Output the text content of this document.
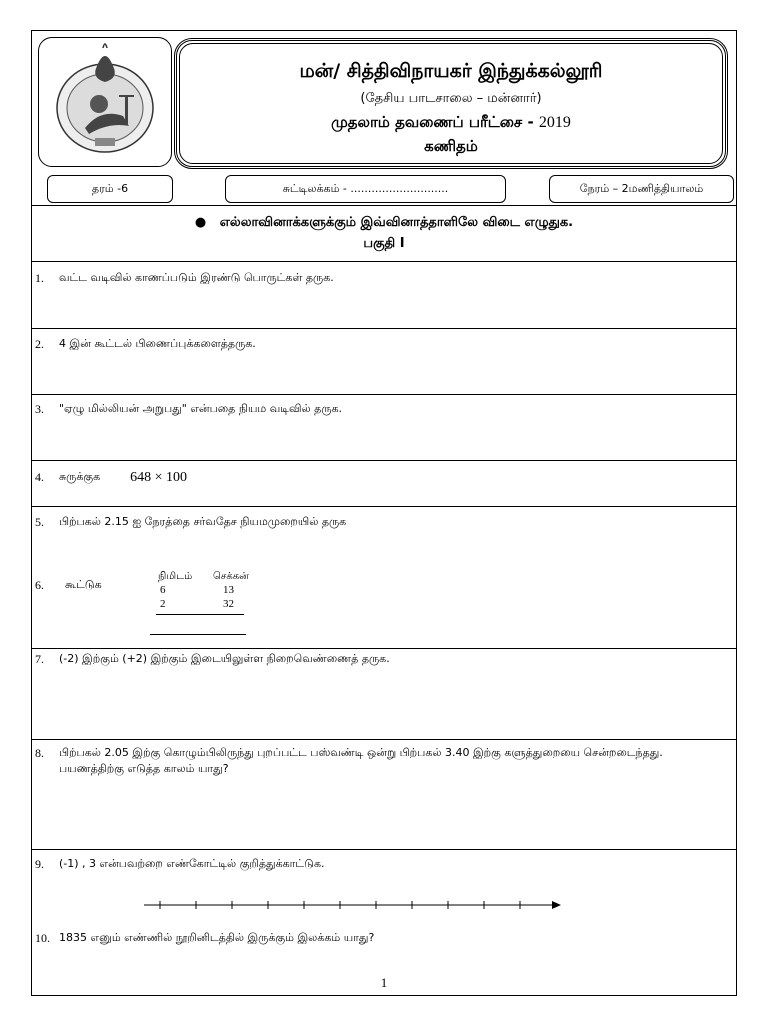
மன்/ சித்திவிநாயகர் இந்துக்கல்லூரி
(தேசிய பாடசாலை – மன்னார்)
முதலாம் தவணைப் பரீட்சை - 2019
கணிதம்
தரம் -6	சுட்டிலக்கம் - ............................	நேரம் – 2மணித்தியாலம்
●   எல்லாவினாக்களுக்கும் இவ்வினாத்தாளிலே விடை எழுதுக.
பகுதி I
1. வட்ட வடிவில் காணப்படும் இரண்டு பொருட்கள் தருக.
2. 4 இன் கூட்டல் பிணைப்புக்களைத்தருக.
3. "ஏழு மில்லியன் அறுபது" என்பதை நியம வடிவில் தருக.
4. சுருக்குக 648 × 100
5. பிற்பகல் 2.15 ஐ நேரத்தை சர்வதேச நியமமுறையில் தருக
6. கூட்டுக
நிமிடம் செக்கன்
6	13
2	32
7. (-2) இற்கும் (+2) இற்கும் இடையிலுள்ள நிறைவெண்ணைத் தருக.
8. பிற்பகல் 2.05 இற்கு கொழும்பிலிருந்து புறப்பட்ட பஸ்வண்டி ஒன்று பிற்பகல் 3.40 இற்கு களுத்துறையை சென்றடைந்தது. பயணத்திற்கு எடுத்த காலம் யாது?
9. (-1) , 3 என்பவற்றை எண்கோட்டில் குறித்துக்காட்டுக.
10. 1835 எனும் எண்ணில் நூறினிடத்தில் இருக்கும் இலக்கம் யாது?
1
